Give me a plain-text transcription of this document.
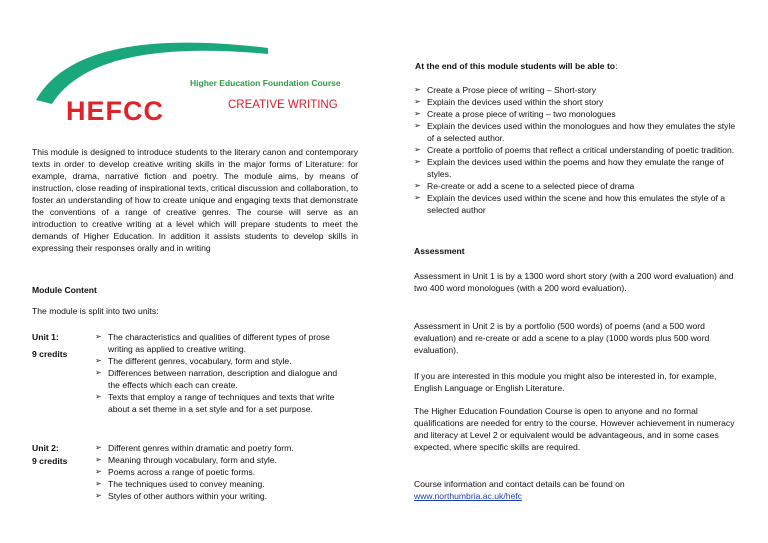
HEFCC
Higher Education Foundation Course
CREATIVE WRITING
This module is designed to introduce students to the literary canon and contemporary texts in order to develop creative writing skills in the major forms of Literature: for example, drama, narrative fiction and poetry. The module aims, by means of instruction, close reading of inspirational texts, critical discussion and collaboration, to foster an understanding of how to create unique and engaging texts that demonstrate the conventions of a range of creative genres. The course will serve as an introduction to creative writing at a level which will prepare students to meet the demands of Higher Education. In addition it assists students to develop skills in expressing their responses orally and in writing
Module Content
The module is split into two units:
Unit 1:
9 credits
➢ The characteristics and qualities of different types of prose writing as applied to creative writing.
➢ The different genres, vocabulary, form and style.
➢ Differences between narration, description and dialogue and the effects which each can create.
➢ Texts that employ a range of techniques and texts that write about a set theme in a set style and for a set purpose.
Unit 2:
9 credits
➢ Different genres within dramatic and poetry form.
➢ Meaning through vocabulary, form and style.
➢ Poems across a range of poetic forms.
➢ The techniques used to convey meaning.
➢ Styles of other authors within your writing.
At the end of this module students will be able to:
➢ Create a Prose piece of writing – Short-story
➢ Explain the devices used within the short story
➢ Create a prose piece of writing – two monologues
➢ Explain the devices used within the monologues and how they emulates the style of a selected author.
➢ Create a portfolio of poems that reflect a critical understanding of poetic tradition.
➢ Explain the devices used within the poems and how they emulate the range of styles.
➢ Re-create or add a scene to a selected piece of drama
➢ Explain the devices used within the scene and how this emulates the style of a selected author
Assessment
Assessment in Unit 1 is by a 1300 word short story (with a 200 word evaluation) and two 400 word monologues (with a 200 word evaluation).
Assessment in Unit 2 is by a portfolio (500 words) of poems (and a 500 word evaluation) and re-create or add a scene to a play (1000 words plus 500 word evaluation).
If you are interested in this module you might also be interested in, for example, English Language or English Literature.
The Higher Education Foundation Course is open to anyone and no formal qualifications are needed for entry to the course. However achievement in numeracy and literacy at Level 2 or equivalent would be advantageous, and in some cases expected, where specific skills are required.
Course information and contact details can be found on
www.northumbria.ac.uk/hefc
